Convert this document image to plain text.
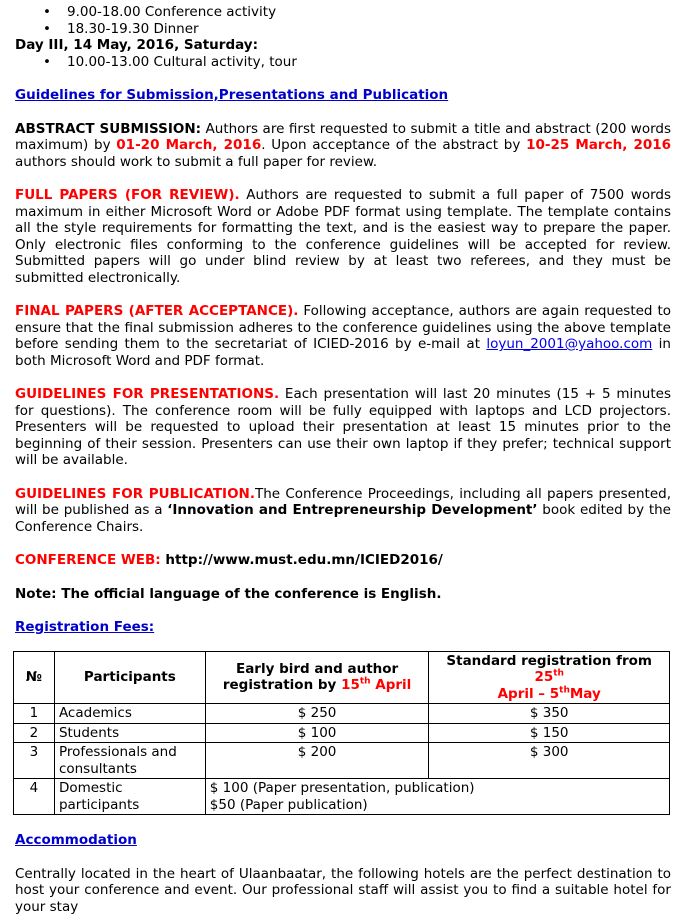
• 9.00-18.00 Conference activity
• 18.30-19.30 Dinner
Day III, 14 May, 2016, Saturday:
• 10.00-13.00 Cultural activity, tour
Guidelines for Submission,Presentations and Publication

ABSTRACT SUBMISSION: Authors are first requested to submit a title and abstract (200 words maximum) by 01-20 March, 2016. Upon acceptance of the abstract by 10-25 March, 2016 authors should work to submit a full paper for review.

FULL PAPERS (FOR REVIEW). Authors are requested to submit a full paper of 7500 words maximum in either Microsoft Word or Adobe PDF format using template. The template contains all the style requirements for formatting the text, and is the easiest way to prepare the paper. Only electronic files conforming to the conference guidelines will be accepted for review. Submitted papers will go under blind review by at least two referees, and they must be submitted electronically.

FINAL PAPERS (AFTER ACCEPTANCE). Following acceptance, authors are again requested to ensure that the final submission adheres to the conference guidelines using the above template before sending them to the secretariat of ICIED-2016 by e-mail at loyun_2001@yahoo.com in both Microsoft Word and PDF format.

GUIDELINES FOR PRESENTATIONS. Each presentation will last 20 minutes (15 + 5 minutes for questions). The conference room will be fully equipped with laptops and LCD projectors. Presenters will be requested to upload their presentation at least 15 minutes prior to the beginning of their session. Presenters can use their own laptop if they prefer; technical support will be available.

GUIDELINES FOR PUBLICATION.The Conference Proceedings, including all papers presented, will be published as a ‘Innovation and Entrepreneurship Development’ book edited by the Conference Chairs.

CONFERENCE WEB: http://www.must.edu.mn/ICIED2016/
Note: The official language of the conference is English.
Registration Fees:
№	Participants	Early bird and author registration by 15th April	Standard registration from 25th
April – 5thMay
1	Academics	$ 250	$ 350
2	Students	$ 100	$ 150
3	Professionals and consultants	$ 200	$ 300
4	Domestic participants	$ 100 (Paper presentation, publication)
$50 (Paper publication)	
Accommodation

Centrally located in the heart of Ulaanbaatar, the following hotels are the perfect destination to host your conference and event. Our professional staff will assist you to find a suitable hotel for your stay
